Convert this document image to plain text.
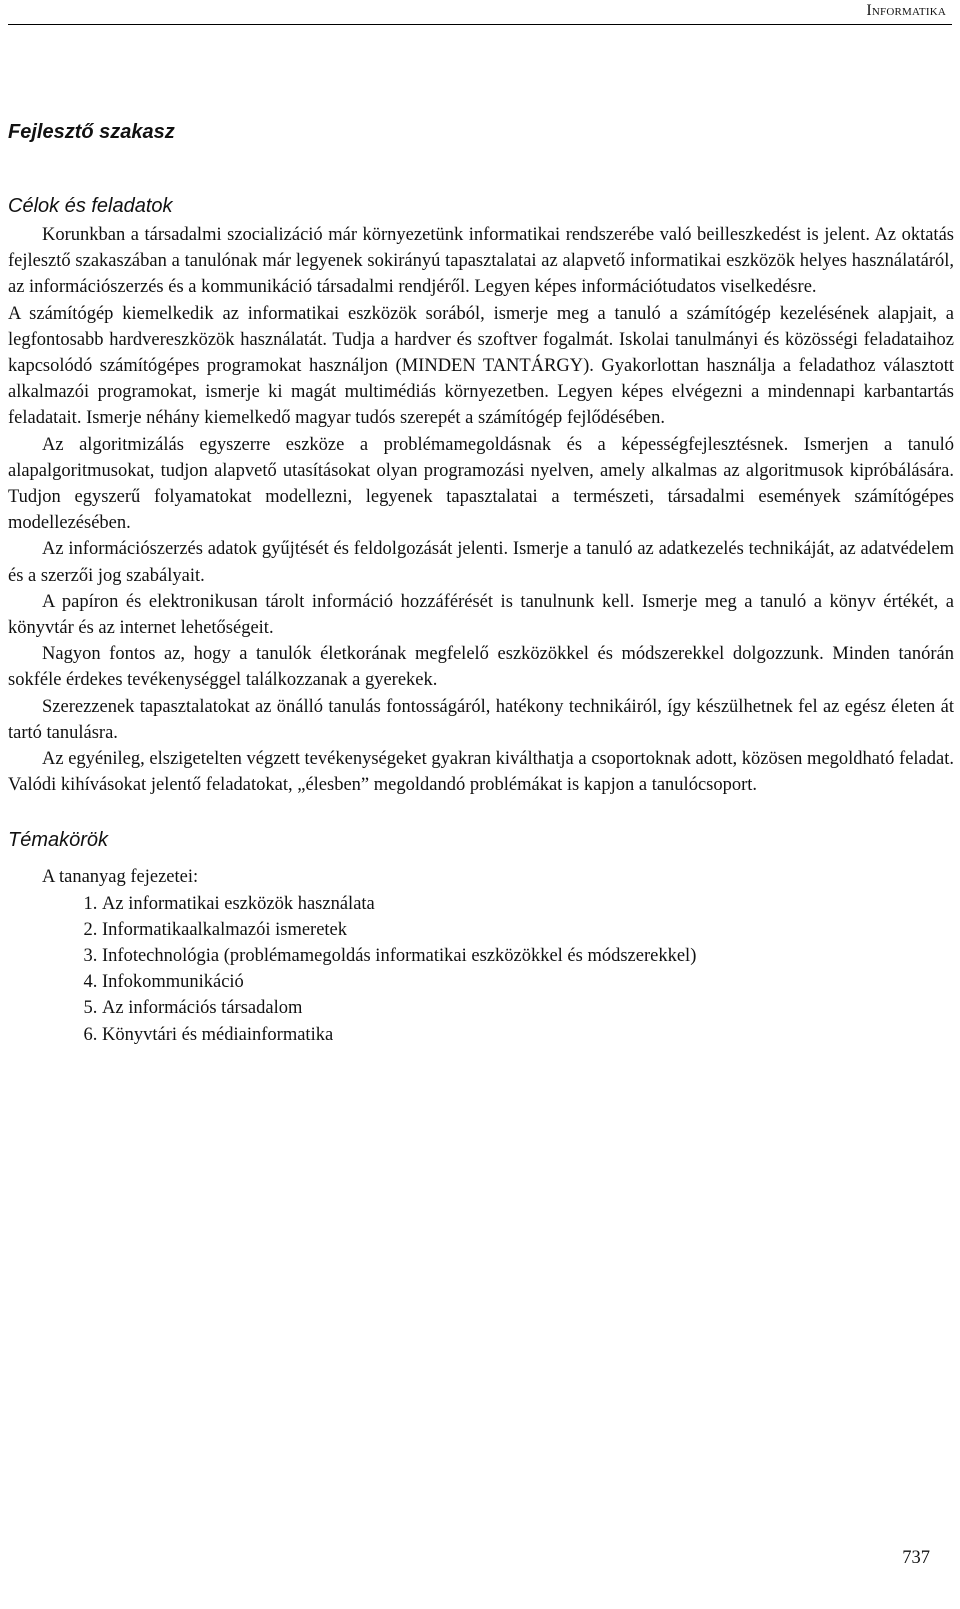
Informatika
Fejlesztő szakasz
Célok és feladatok

Korunkban a társadalmi szocializáció már környezetünk informatikai rendszerébe való beilleszkedést is jelent. Az oktatás fejlesztő szakaszában a tanulónak már legyenek sokirányú tapasztalatai az alapvető informatikai eszközök helyes használatáról, az információszerzés és a kommunikáció társadalmi rendjéről. Legyen képes információtudatos viselkedésre.

A számítógép kiemelkedik az informatikai eszközök sorából, ismerje meg a tanuló a számítógép kezelésének alapjait, a legfontosabb hardvereszközök használatát. Tudja a hardver és szoftver fogalmát. Iskolai tanulmányi és közösségi feladataihoz kapcsolódó számítógépes programokat használjon (MINDEN TANTÁRGY). Gyakorlottan használja a feladathoz választott alkalmazói programokat, ismerje ki magát multimédiás környezetben. Legyen képes elvégezni a mindennapi karbantartás feladatait. Ismerje néhány kiemelkedő magyar tudós szerepét a számítógép fejlődésében.

Az algoritmizálás egyszerre eszköze a problémamegoldásnak és a képességfejlesztésnek. Ismerjen a tanuló alapalgoritmusokat, tudjon alapvető utasításokat olyan programozási nyelven, amely alkalmas az algoritmusok kipróbálására. Tudjon egyszerű folyamatokat modellezni, legyenek tapasztalatai a természeti, társadalmi események számítógépes modellezésében.

Az információszerzés adatok gyűjtését és feldolgozását jelenti. Ismerje a tanuló az adatkezelés technikáját, az adatvédelem és a szerzői jog szabályait.

A papíron és elektronikusan tárolt információ hozzáférését is tanulnunk kell. Ismerje meg a tanuló a könyv értékét, a könyvtár és az internet lehetőségeit.

Nagyon fontos az, hogy a tanulók életkorának megfelelő eszközökkel és módszerekkel dolgozzunk. Minden tanórán sokféle érdekes tevékenységgel találkozzanak a gyerekek.

Szerezzenek tapasztalatokat az önálló tanulás fontosságáról, hatékony technikáiról, így készülhetnek fel az egész életen át tartó tanulásra.

Az egyénileg, elszigetelten végzett tevékenységeket gyakran kiválthatja a csoportoknak adott, közösen megoldható feladat. Valódi kihívásokat jelentő feladatokat, „élesben” megoldandó problémákat is kapjon a tanulócsoport.

Témakörök
A tananyag fejezetei:
1. Az informatikai eszközök használata
2. Informatikaalkalmazói ismeretek
3. Infotechnológia (problémamegoldás informatikai eszközökkel és módszerekkel)
4. Infokommunikáció
5. Az információs társadalom
6. Könyvtári és médiainformatika
737
